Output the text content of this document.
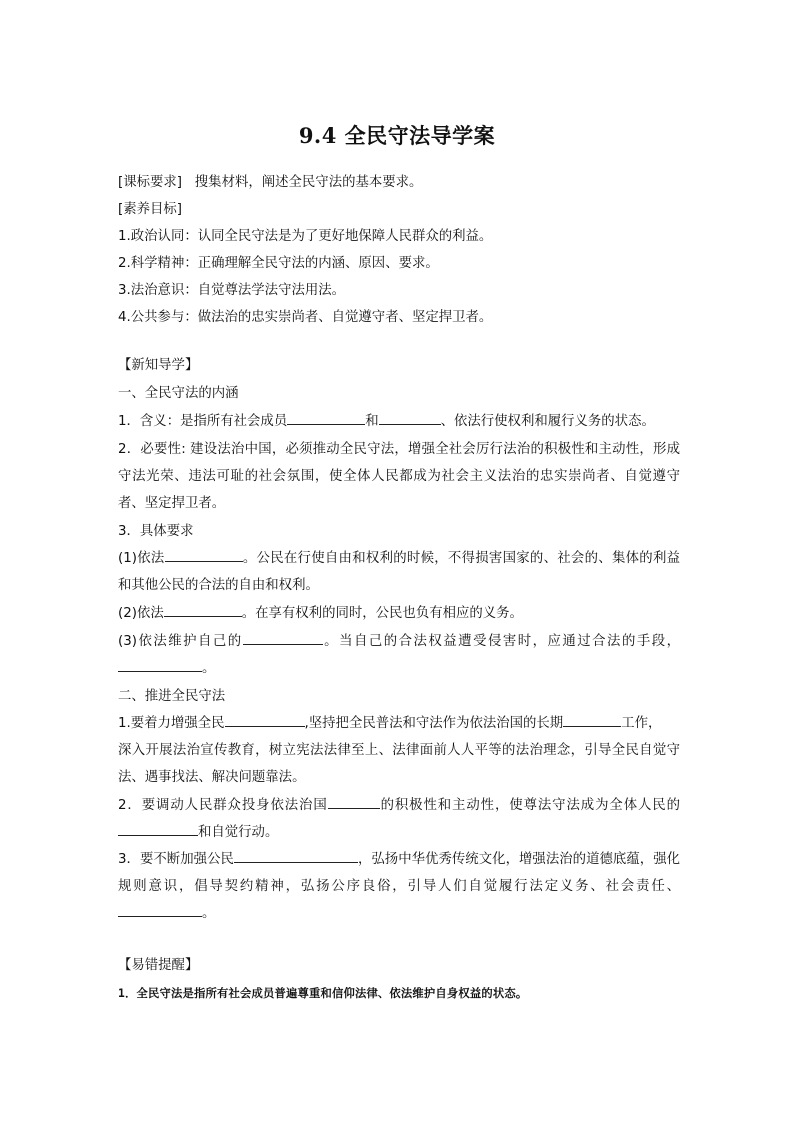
9.4 全民守法导学案
[课标要求] 搜集材料，阐述全民守法的基本要求。
[素养目标]
1.政治认同：认同全民守法是为了更好地保障人民群众的利益。
2.科学精神：正确理解全民守法的内涵、原因、要求。
3.法治意识：自觉尊法学法守法用法。
4.公共参与：做法治的忠实崇尚者、自觉遵守者、坚定捍卫者。
【新知导学】
一、全民守法的内涵
1．含义：是指所有社会成员	和	、依法行使权利和履行义务的状态。
2．必要性: 建设法治中国，必须推动全民守法，增强全社会厉行法治的积极性和主动性，形成守法光荣、违法可耻的社会氛围，使全体人民都成为社会主义法治的忠实崇尚者、自觉遵守者、坚定捍卫者。
3．具体要求
(1)依法	。公民在行使自由和权利的时候，不得损害国家的、社会的、集体的利益和其他公民的合法的自由和权利。
(2)依法	。在享有权利的同时，公民也负有相应的义务。
(3)依法维护自己的	。当自己的合法权益遭受侵害时，应通过合法的手段，。
二、推进全民守法
1.要着力增强全民	,坚持把全民普法和守法作为依法治国的长期	工作，
深入开展法治宣传教育，树立宪法法律至上、法律面前人人平等的法治理念，引导全民自觉守法、遇事找法、解决问题靠法。
2．要调动人民群众投身依法治国	的积极性和主动性，使尊法守法成为全体人民的和自觉行动。
3．要不断加强公民	，弘扬中华优秀传统文化，增强法治的道德底蕴，强化规则意识，倡导契约精神，弘扬公序良俗，引导人们自觉履行法定义务、社会责任、。
【易错提醒】
1．全民守法是指所有社会成员普遍尊重和信仰法律、依法维护自身权益的状态。
